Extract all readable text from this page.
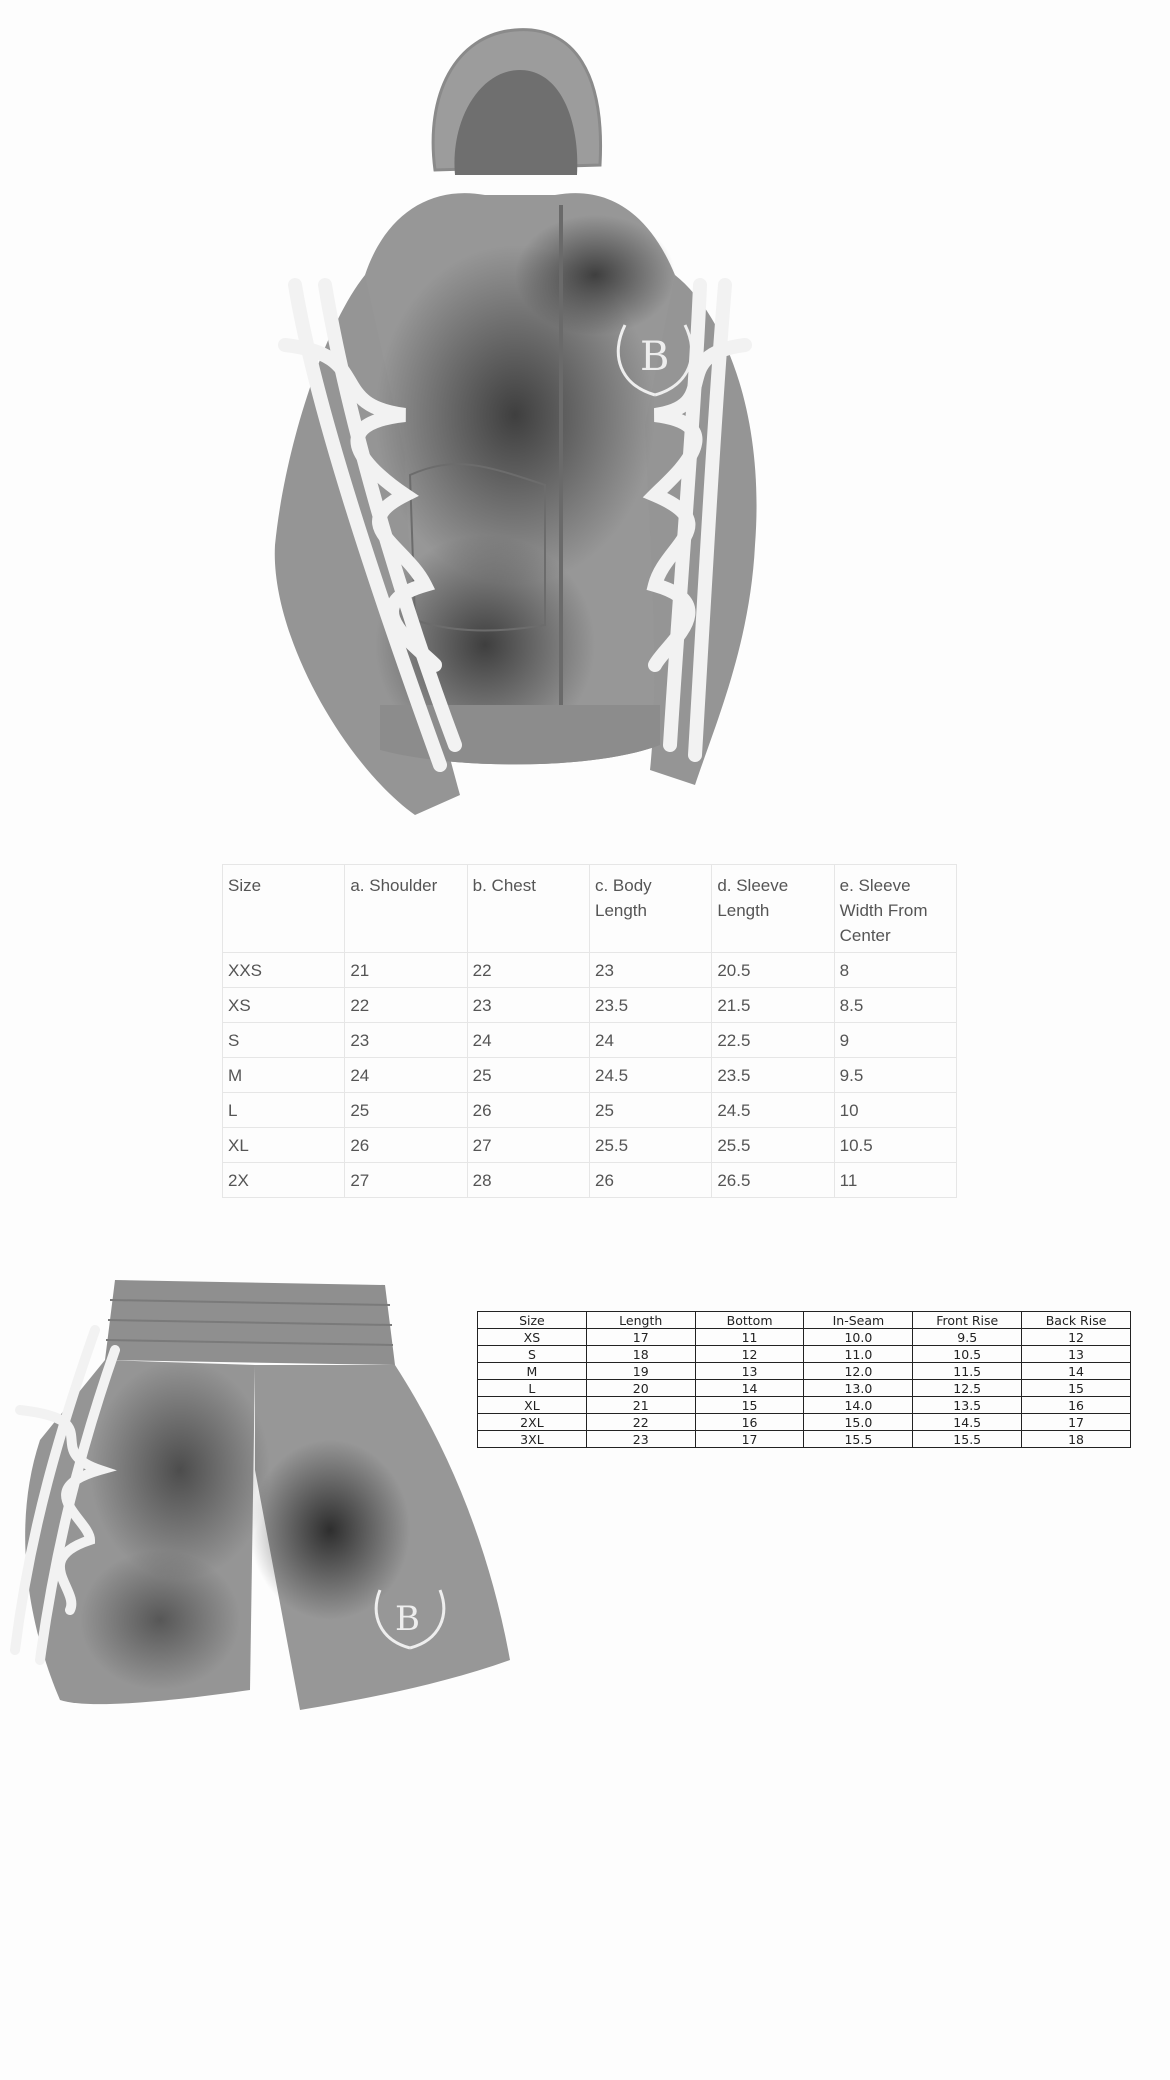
B
Size	a. Shoulder	b. Chest	c. Body Length	d. Sleeve Length	e. Sleeve Width From Center
XXS	21	22	23	20.5	8
XS	22	23	23.5	21.5	8.5
S	23	24	24	22.5	9
M	24	25	24.5	23.5	9.5
L	25	26	25	24.5	10
XL	26	27	25.5	25.5	10.5
2X	27	28	26	26.5	11
B
Size	Length	Bottom	In-Seam	Front Rise	Back Rise
XS	17	11	10.0	9.5	12
S	18	12	11.0	10.5	13
M	19	13	12.0	11.5	14
L	20	14	13.0	12.5	15
XL	21	15	14.0	13.5	16
2XL	22	16	15.0	14.5	17
3XL	23	17	15.5	15.5	18
